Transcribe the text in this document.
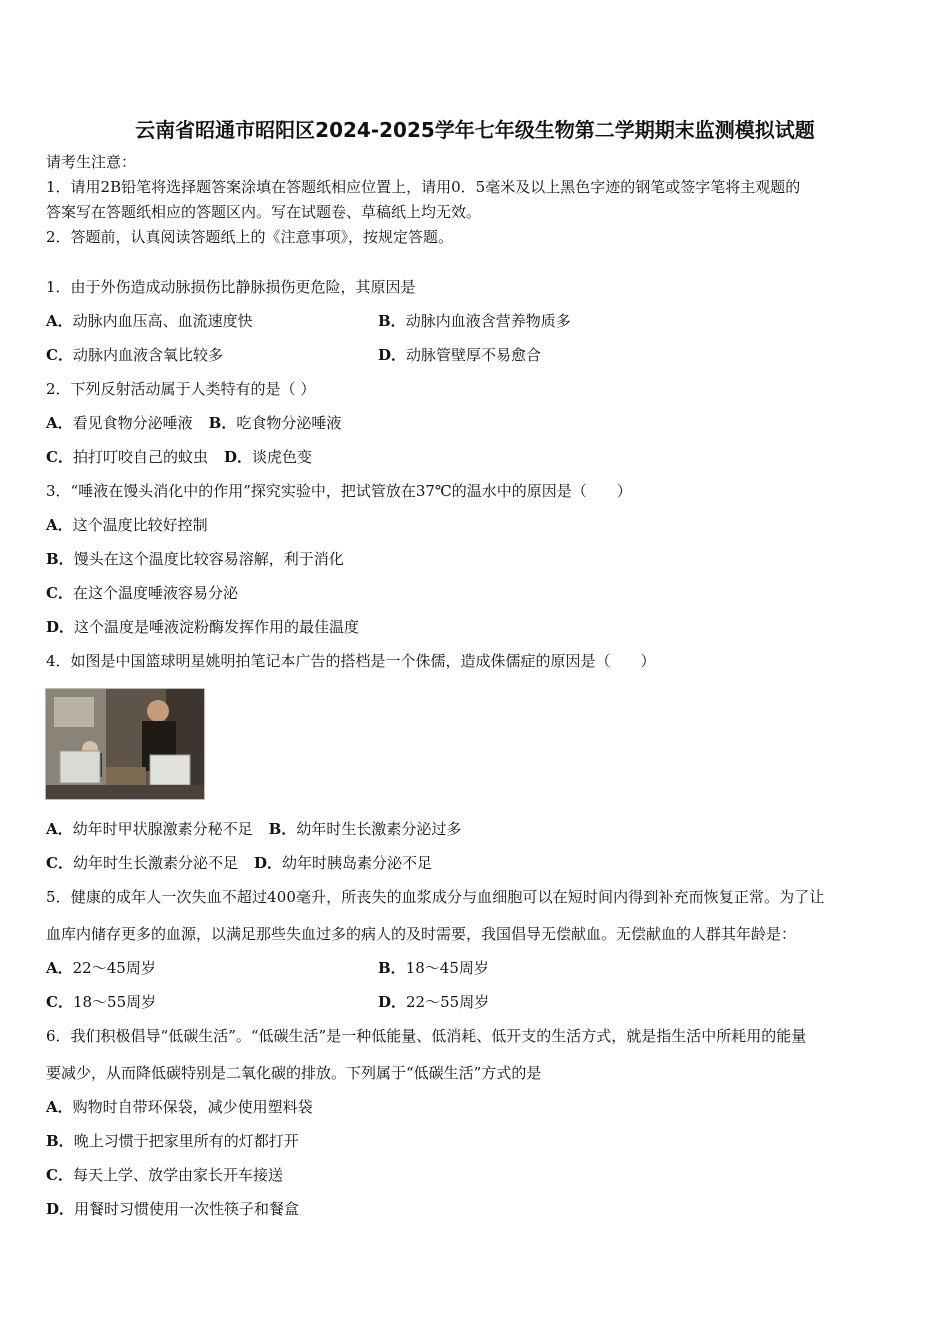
云南省昭通市昭阳区2024-2025学年七年级生物第二学期期末监测模拟试题
请考生注意：
1．请用2B铅笔将选择题答案涂填在答题纸相应位置上，请用0．5毫米及以上黑色字迹的钢笔或签字笔将主观题的
答案写在答题纸相应的答题区内。写在试题卷、草稿纸上均无效。
2．答题前，认真阅读答题纸上的《注意事项》，按规定答题。
1．由于外伤造成动脉损伤比静脉损伤更危险，其原因是
A．动脉内血压高、血流速度快	B．动脉内血液含营养物质多
C．动脉内血液含氧比较多	D．动脉管壁厚不易愈合
2．下列反射活动属于人类特有的是（ ）
A．看见食物分泌唾液 B．吃食物分泌唾液
C．拍打叮咬自己的蚊虫 D．谈虎色变
3．“唾液在馒头消化中的作用”探究实验中，把试管放在37℃的温水中的原因是（　　）
A．这个温度比较好控制
B．馒头在这个温度比较容易溶解，利于消化
C．在这个温度唾液容易分泌
D．这个温度是唾液淀粉酶发挥作用的最佳温度
4．如图是中国篮球明星姚明拍笔记本广告的搭档是一个侏儒，造成侏儒症的原因是（　　）
A．幼年时甲状腺激素分秘不足 B．幼年时生长激素分泌过多
C．幼年时生长激素分泌不足 D．幼年时胰岛素分泌不足
5．健康的成年人一次失血不超过400毫升，所丧失的血浆成分与血细胞可以在短时间内得到补充而恢复正常。为了让
血库内储存更多的血源，以满足那些失血过多的病人的及时需要，我国倡导无偿献血。无偿献血的人群其年龄是：
A．22～45周岁	B．18～45周岁
C．18～55周岁	D．22～55周岁
6．我们积极倡导“低碳生活”。“低碳生活”是一种低能量、低消耗、低开支的生活方式，就是指生活中所耗用的能量
要减少，从而降低碳特别是二氧化碳的排放。下列属于“低碳生活”方式的是
A．购物时自带环保袋，减少使用塑料袋
B．晚上习惯于把家里所有的灯都打开
C．每天上学、放学由家长开车接送
D．用餐时习惯使用一次性筷子和餐盒
